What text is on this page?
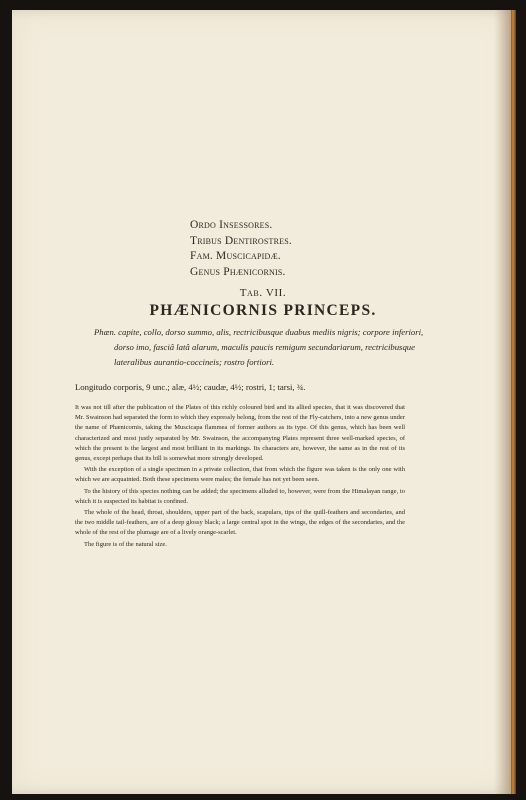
Ordo Insessores.
Tribus Dentirostres.
Fam. Muscicapidæ.
Genus Phænicornis.
Tab. VII.
PHÆNICORNIS PRINCEPS.
Phæn. capite, collo, dorso summo, alis, rectricibusque duabus mediis nigris; corpore inferiori, dorso imo, fasciâ latâ alarum, maculis paucis remigum secundariarum, rectricibusque lateralibus aurantio-coccineis; rostro fortiori.
Longitudo corporis, 9 unc.; alæ, 4½; caudæ, 4½; rostri, 1; tarsi, ¾.

It was not till after the publication of the Plates of this richly coloured bird and its allied species, that it was discovered that Mr. Swainson had separated the form to which they expressly belong, from the rest of the Fly-catchers, into a new genus under the name of Phænicornis, taking the Muscicapa flammea of former authors as its type. Of this genus, which has been well characterized and most justly separated by Mr. Swainson, the accompanying Plates represent three well-marked species, of which the present is the largest and most brilliant in its markings. Its characters are, however, the same as in the rest of its genus, except perhaps that its bill is somewhat more strongly developed.

With the exception of a single specimen in a private collection, that from which the figure was taken is the only one with which we are acquainted. Both these specimens were males; the female has not yet been seen.

To the history of this species nothing can be added; the specimens alluded to, however, were from the Himalayan range, to which it is suspected its habitat is confined.

The whole of the head, throat, shoulders, upper part of the back, scapulars, tips of the quill-feathers and secondaries, and the two middle tail-feathers, are of a deep glossy black; a large central spot in the wings, the edges of the secondaries, and the whole of the rest of the plumage are of a lively orange-scarlet.

The figure is of the natural size.
